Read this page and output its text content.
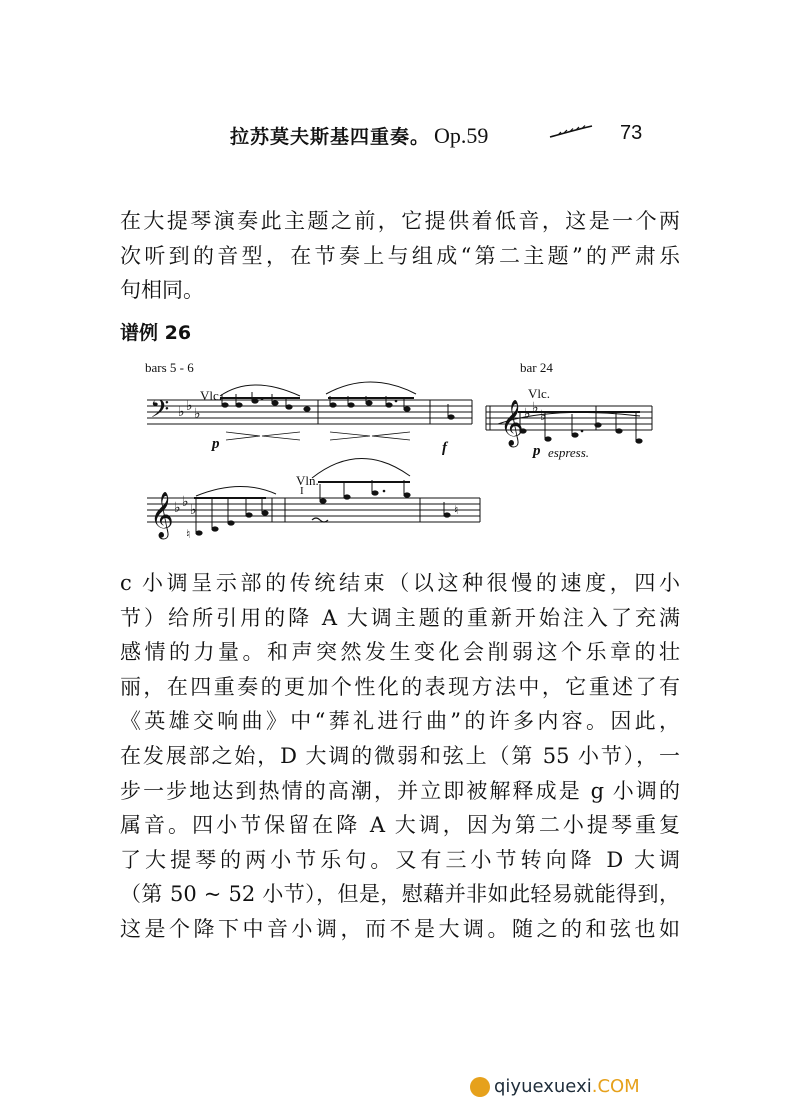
拉苏莫夫斯基四重奏。 Op.59	73
在大提琴演奏此主题之前，它提供着低音，这是一个两
次听到的音型，在节奏上与组成“第二主题”的严肃乐
句相同。
谱例 26
bars 5 - 6	bar 24
Vlc.	Vlc.
Vln.
I
p	f	p espress.
𝄢 ♭ ♭ ♭	𝄞 ♭ ♭ ♭
𝄞 ♭ ♭ ♭
♮
♮
c 小调呈示部的传统结束（以这种很慢的速度，四小
节）给所引用的降 A 大调主题的重新开始注入了充满
感情的力量。和声突然发生变化会削弱这个乐章的壮
丽，在四重奏的更加个性化的表现方法中，它重述了有
《英雄交响曲》中“葬礼进行曲”的许多内容。因此，
在发展部之始，D 大调的微弱和弦上（第 55 小节），一
步一步地达到热情的高潮，并立即被解释成是 g 小调的
属音。四小节保留在降 A 大调，因为第二小提琴重复
了大提琴的两小节乐句。又有三小节转向降 D 大调
（第 50 ~ 52 小节），但是，慰藉并非如此轻易就能得到，
这是个降下中音小调，而不是大调。随之的和弦也如
qiyuexuexi.COM
